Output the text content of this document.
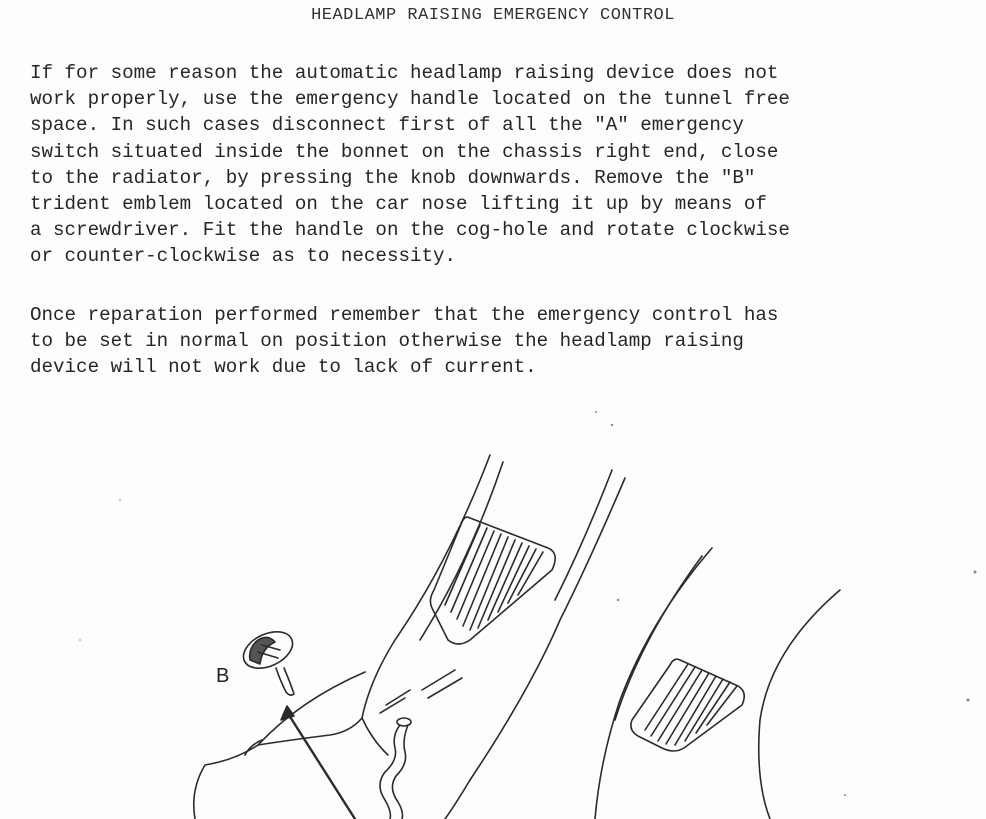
HEADLAMP RAISING EMERGENCY CONTROL

If for some reason the automatic headlamp raising device does not
work properly, use the emergency handle located on the tunnel free
space. In such cases disconnect first of all the "A" emergency
switch situated inside the bonnet on the chassis right end, close
to the radiator, by pressing the knob downwards. Remove the "B"
trident emblem located on the car nose lifting it up by means of
a screwdriver. Fit the handle on the cog-hole and rotate clockwise
or counter-clockwise as to necessity.

Once reparation performed remember that the emergency control has
to be set in normal on position otherwise the headlamp raising
device will not work due to lack of current.

B
